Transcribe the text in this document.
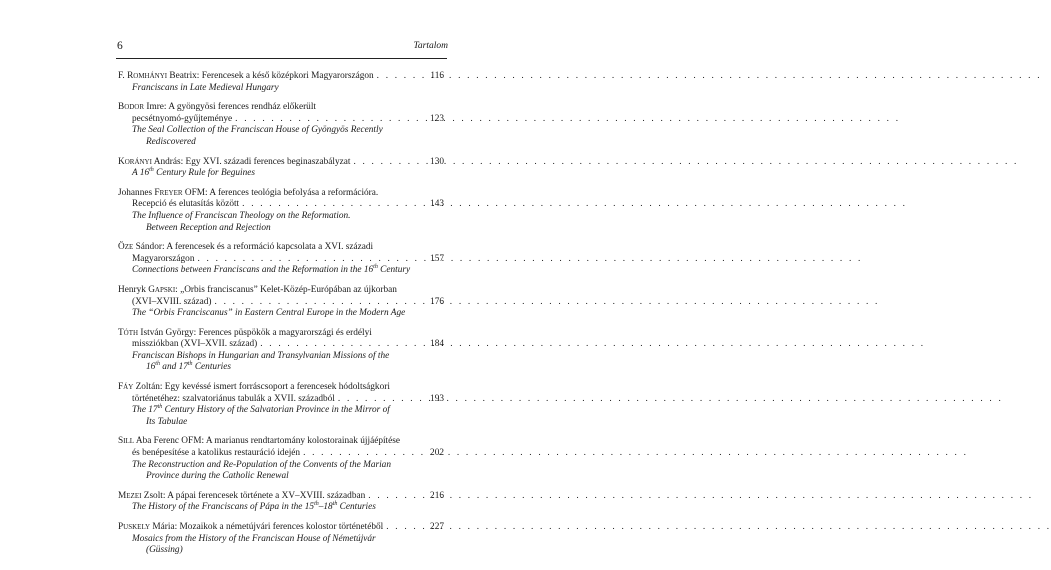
6	Tartalom
F. Romhányi Beatrix: Ferencesek a késő középkori Magyarországon . . .	116
Franciscans in Late Medieval Hungary
Bodor Imre: A gyöngyösi ferences rendház előkerült
pecsétnyomó-gyűjteménye . . .	123
The Seal Collection of the Franciscan House of Gyöngyös Recently
Rediscovered
Korányi András: Egy XVI. századi ferences beginaszabályzat . . .	130
A 16th Century Rule for Beguines
Johannes Freyer OFM: A ferences teológia befolyása a reformációra.
Recepció és elutasítás között . . .	143
The Influence of Franciscan Theology on the Reformation.
Between Reception and Rejection
Öze Sándor: A ferencesek és a reformáció kapcsolata a XVI. századi
Magyarországon . . .	157
Connections between Franciscans and the Reformation in the 16th Century
Henryk Gapski: „Orbis franciscanus” Kelet-Közép-Európában az újkorban
(XVI–XVIII. század) . . .	176
The “Orbis Franciscanus” in Eastern Central Europe in the Modern Age
Tóth István György: Ferences püspökök a magyarországi és erdélyi
missziókban (XVI–XVII. század) . . .	184
Franciscan Bishops in Hungarian and Transylvanian Missions of the
16th and 17th Centuries
Fáy Zoltán: Egy kevéssé ismert forráscsoport a ferencesek hódoltságkori
történetéhez: szalvatoriánus tabulák a XVII. századból . . .	193
The 17th Century History of the Salvatorian Province in the Mirror of
Its Tabulae
Sill Aba Ferenc OFM: A marianus rendtartomány kolostorainak újjáépítése
és benépesítése a katolikus restauráció idején . . .	202
The Reconstruction and Re-Population of the Convents of the Marian
Province during the Catholic Renewal
Mezei Zsolt: A pápai ferencesek története a XV–XVIII. században . . .	216
The History of the Franciscans of Pápa in the 15th–18th Centuries
Puskely Mária: Mozaikok a németújvári ferences kolostor történetéből . . .	227
Mosaics from the History of the Franciscan House of Németújvár
(Güssing)
